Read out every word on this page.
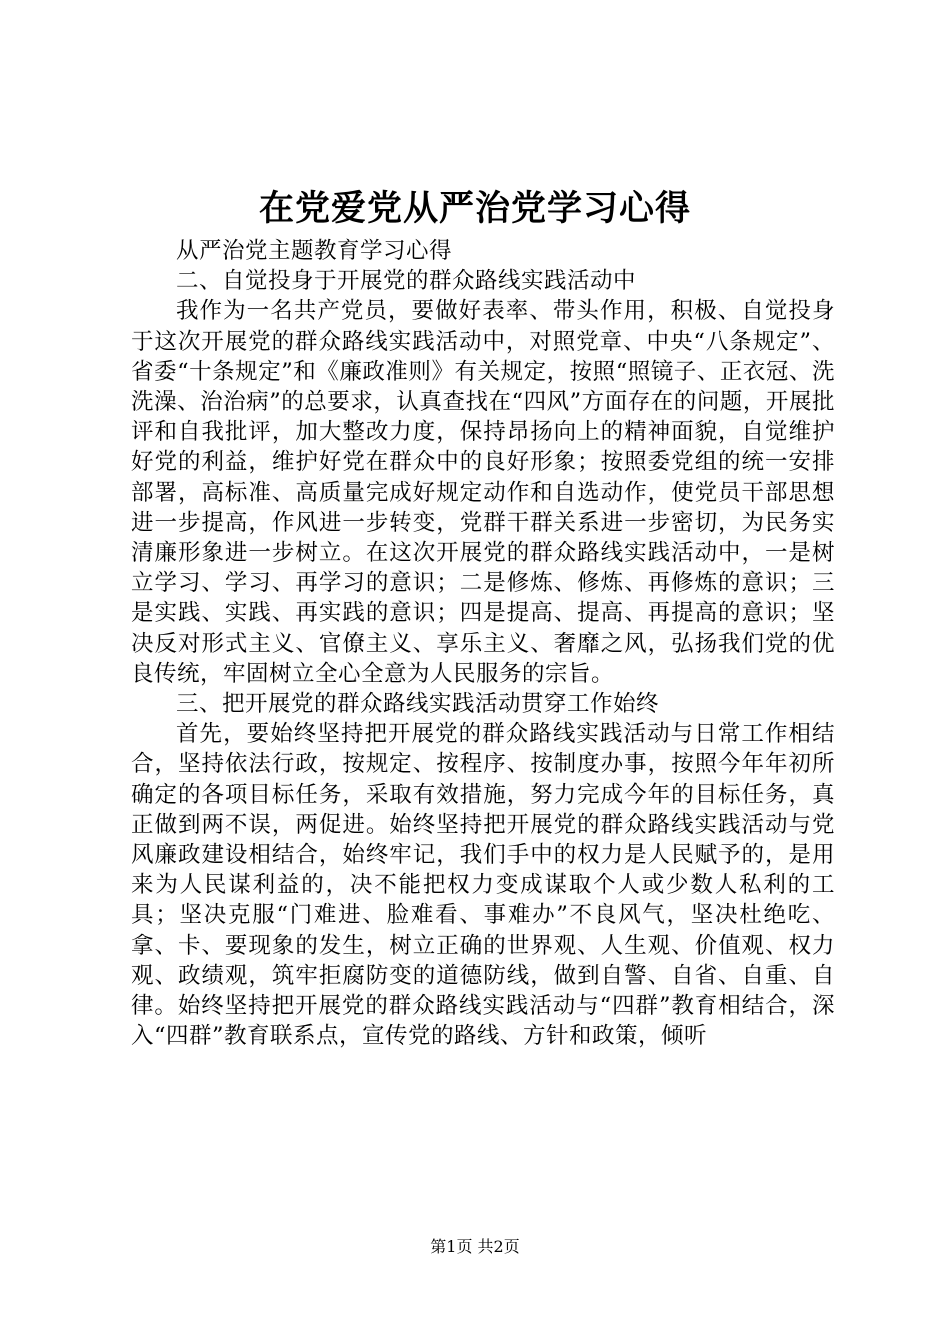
在党爱党从严治党学习心得

从严治党主题教育学习心得

二、自觉投身于开展党的群众路线实践活动中

我作为一名共产党员，要做好表率、带头作用，积极、自觉投身于这次开展党的群众路线实践活动中，对照党章、中央“八条规定”、省委“十条规定”和《廉政准则》有关规定，按照“照镜子、正衣冠、洗洗澡、治治病”的总要求，认真查找在“四风”方面存在的问题，开展批评和自我批评，加大整改力度，保持昂扬向上的精神面貌，自觉维护好党的利益，维护好党在群众中的良好形象；按照委党组的统一安排部署，高标准、高质量完成好规定动作和自选动作，使党员干部思想进一步提高，作风进一步转变，党群干群关系进一步密切，为民务实清廉形象进一步树立。在这次开展党的群众路线实践活动中，一是树立学习、学习、再学习的意识；二是修炼、修炼、再修炼的意识；三是实践、实践、再实践的意识；四是提高、提高、再提高的意识；坚决反对形式主义、官僚主义、享乐主义、奢靡之风，弘扬我们党的优良传统，牢固树立全心全意为人民服务的宗旨。

三、把开展党的群众路线实践活动贯穿工作始终

首先，要始终坚持把开展党的群众路线实践活动与日常工作相结合，坚持依法行政，按规定、按程序、按制度办事，按照今年年初所确定的各项目标任务，采取有效措施，努力完成今年的目标任务，真正做到两不误，两促进。始终坚持把开展党的群众路线实践活动与党风廉政建设相结合，始终牢记，我们手中的权力是人民赋予的，是用来为人民谋利益的，决不能把权力变成谋取个人或少数人私利的工具；坚决克服“门难进、脸难看、事难办”不良风气，坚决杜绝吃、拿、卡、要现象的发生，树立正确的世界观、人生观、价值观、权力观、政绩观，筑牢拒腐防变的道德防线，做到自警、自省、自重、自律。始终坚持把开展党的群众路线实践活动与“四群”教育相结合，深入“四群”教育联系点，宣传党的路线、方针和政策，倾听

第1页 共2页
